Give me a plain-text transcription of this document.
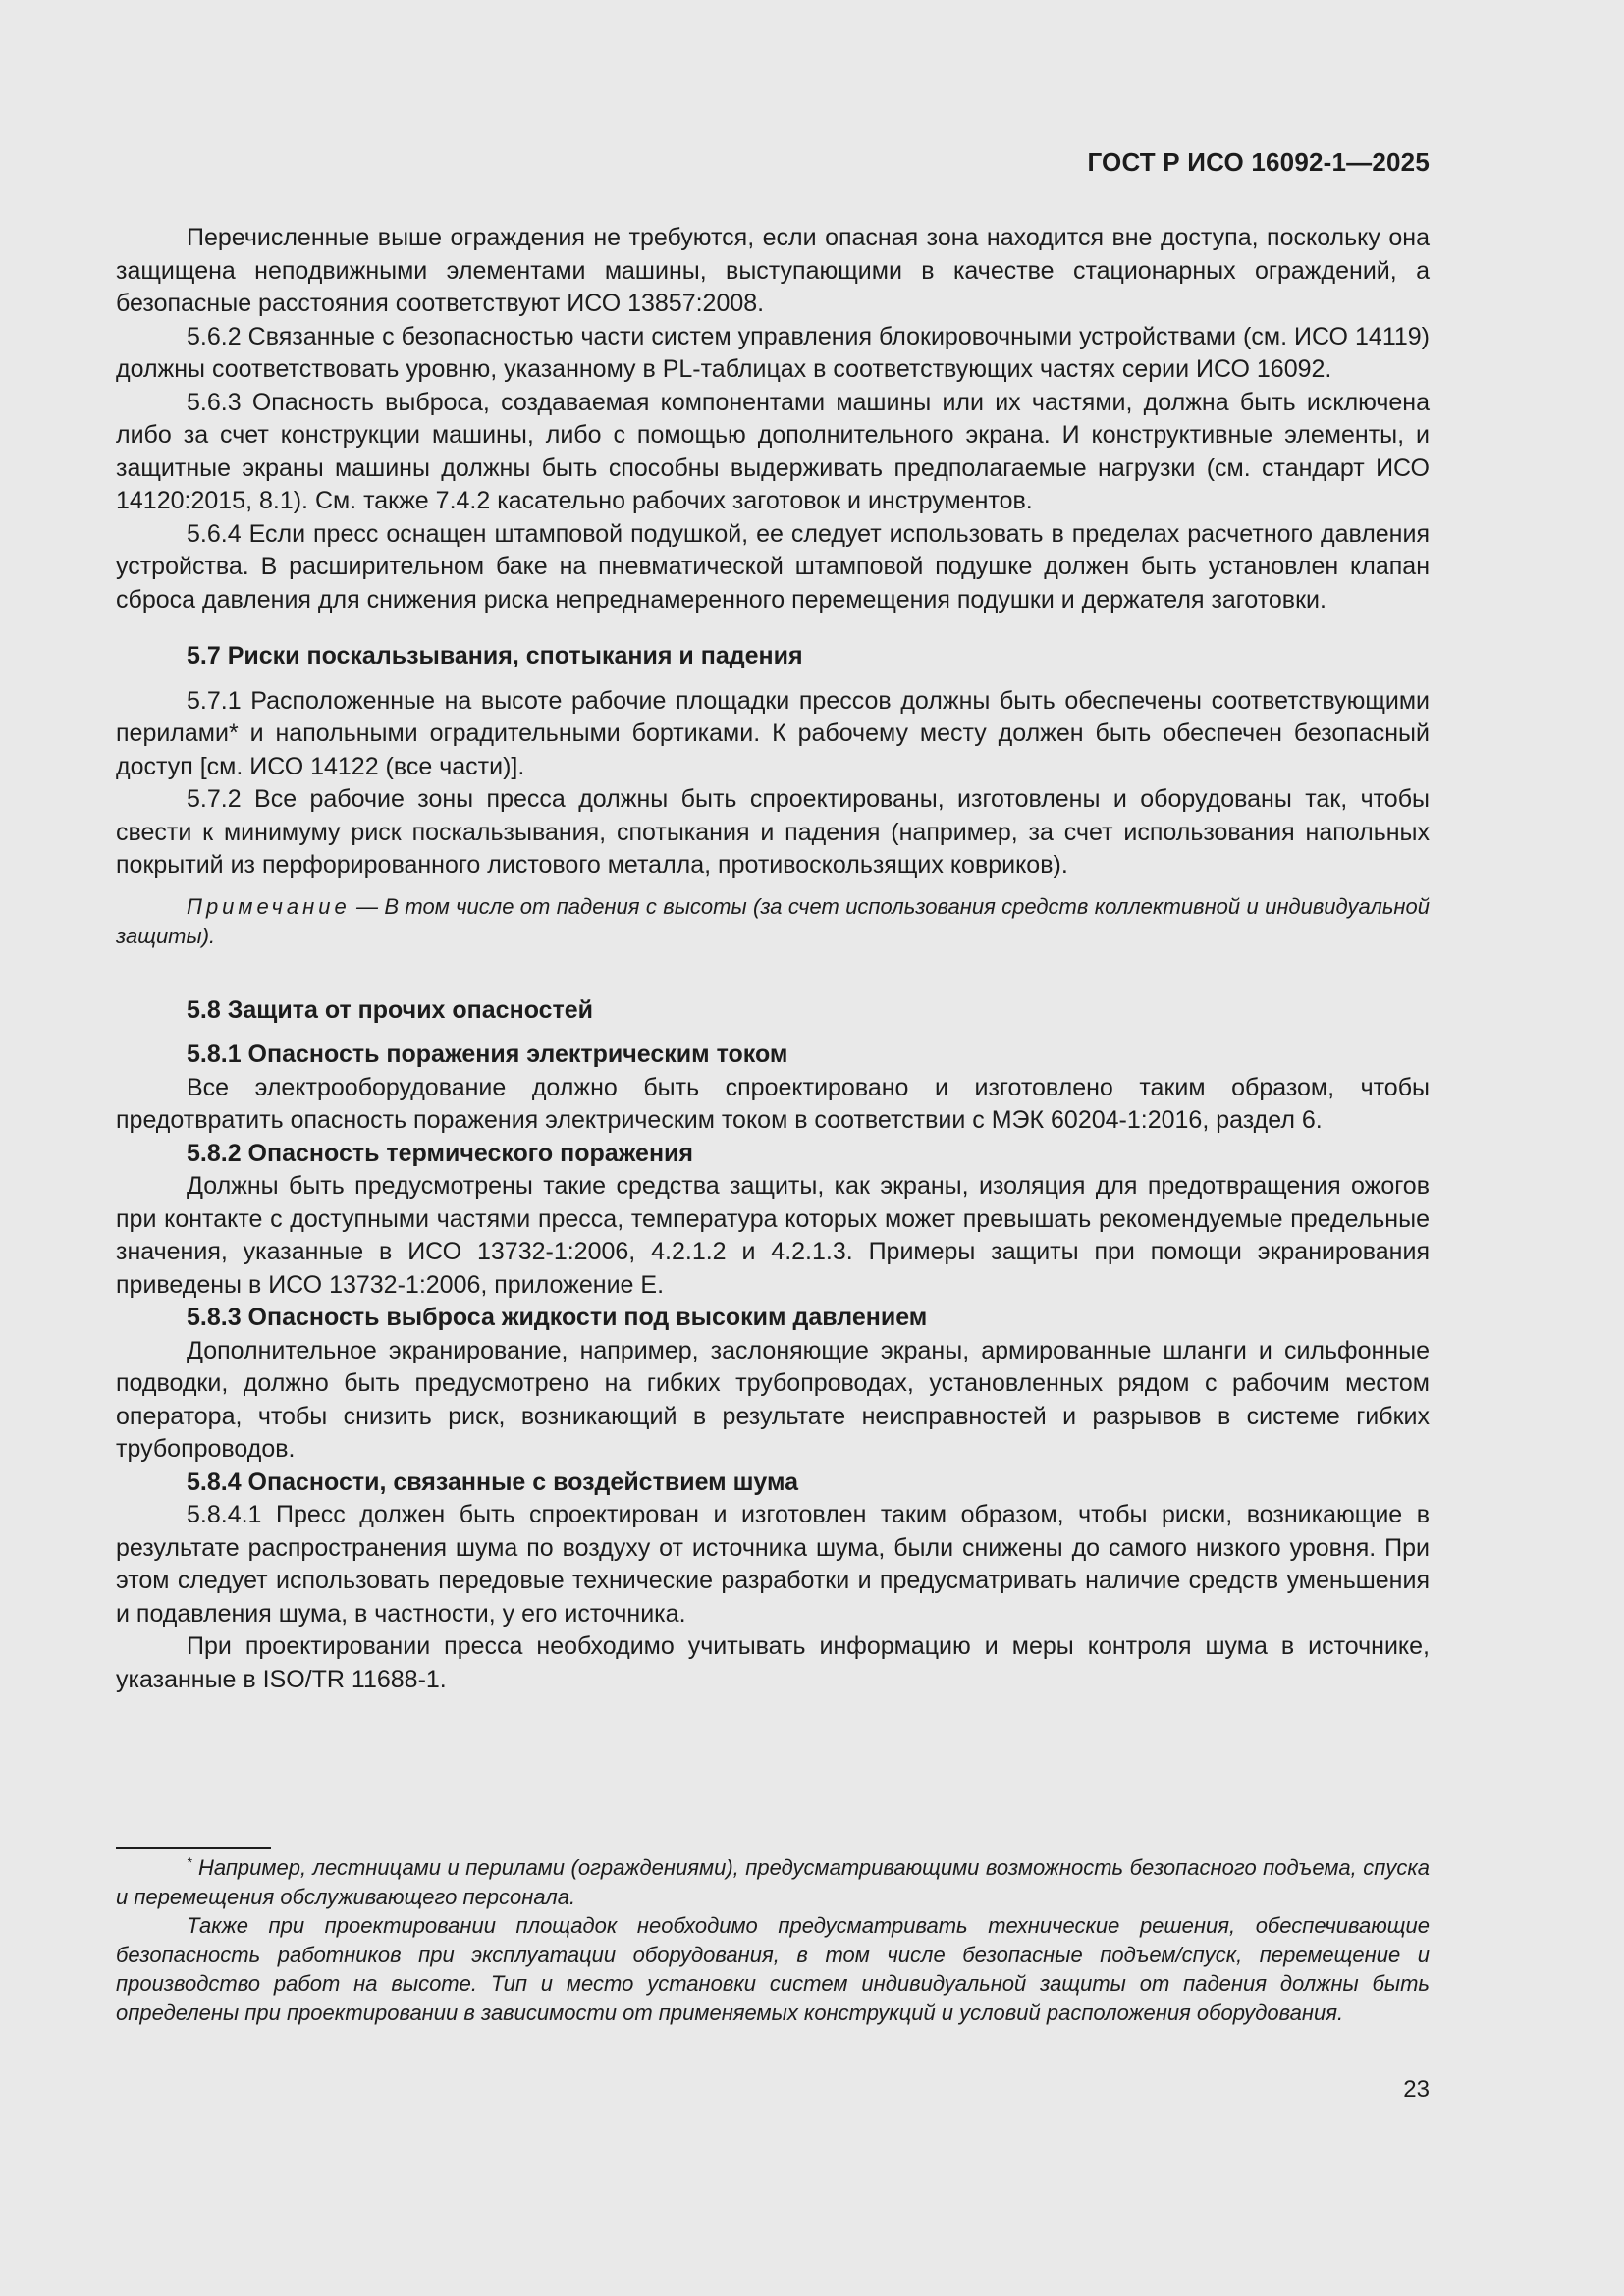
ГОСТ Р ИСО 16092-1—2025

Перечисленные выше ограждения не требуются, если опасная зона находится вне доступа, поскольку она защищена неподвижными элементами машины, выступающими в качестве стационарных ограждений, а безопасные расстояния соответствуют ИСО 13857:2008.

5.6.2 Связанные с безопасностью части систем управления блокировочными устройствами (см. ИСО 14119) должны соответствовать уровню, указанному в PL-таблицах в соответствующих частях серии ИСО 16092.

5.6.3 Опасность выброса, создаваемая компонентами машины или их частями, должна быть исключена либо за счет конструкции машины, либо с помощью дополнительного экрана. И конструктивные элементы, и защитные экраны машины должны быть способны выдерживать предполагаемые нагрузки (см. стандарт ИСО 14120:2015, 8.1). См. также 7.4.2 касательно рабочих заготовок и инструментов.

5.6.4 Если пресс оснащен штамповой подушкой, ее следует использовать в пределах расчетного давления устройства. В расширительном баке на пневматической штамповой подушке должен быть установлен клапан сброса давления для снижения риска непреднамеренного перемещения подушки и держателя заготовки.

5.7 Риски поскальзывания, спотыкания и падения

5.7.1 Расположенные на высоте рабочие площадки прессов должны быть обеспечены соответствующими перилами* и напольными оградительными бортиками. К рабочему месту должен быть обеспечен безопасный доступ [см. ИСО 14122 (все части)].

5.7.2 Все рабочие зоны пресса должны быть спроектированы, изготовлены и оборудованы так, чтобы свести к минимуму риск поскальзывания, спотыкания и падения (например, за счет использования напольных покрытий из перфорированного листового металла, противоскользящих ковриков).

Примечание — В том числе от падения с высоты (за счет использования средств коллективной и индивидуальной защиты).

5.8 Защита от прочих опасностей

5.8.1 Опасность поражения электрическим током

Все электрооборудование должно быть спроектировано и изготовлено таким образом, чтобы предотвратить опасность поражения электрическим током в соответствии с МЭК 60204-1:2016, раздел 6.

5.8.2 Опасность термического поражения

Должны быть предусмотрены такие средства защиты, как экраны, изоляция для предотвращения ожогов при контакте с доступными частями пресса, температура которых может превышать рекомендуемые предельные значения, указанные в ИСО 13732-1:2006, 4.2.1.2 и 4.2.1.3. Примеры защиты при помощи экранирования приведены в ИСО 13732-1:2006, приложение Е.

5.8.3 Опасность выброса жидкости под высоким давлением

Дополнительное экранирование, например, заслоняющие экраны, армированные шланги и сильфонные подводки, должно быть предусмотрено на гибких трубопроводах, установленных рядом с рабочим местом оператора, чтобы снизить риск, возникающий в результате неисправностей и разрывов в системе гибких трубопроводов.

5.8.4 Опасности, связанные с воздействием шума

5.8.4.1 Пресс должен быть спроектирован и изготовлен таким образом, чтобы риски, возникающие в результате распространения шума по воздуху от источника шума, были снижены до самого низкого уровня. При этом следует использовать передовые технические разработки и предусматривать наличие средств уменьшения и подавления шума, в частности, у его источника.

При проектировании пресса необходимо учитывать информацию и меры контроля шума в источнике, указанные в ISO/TR 11688-1.

* Например, лестницами и перилами (ограждениями), предусматривающими возможность безопасного подъема, спуска и перемещения обслуживающего персонала.

Также при проектировании площадок необходимо предусматривать технические решения, обеспечивающие безопасность работников при эксплуатации оборудования, в том числе безопасные подъем/спуск, перемещение и производство работ на высоте. Тип и место установки систем индивидуальной защиты от падения должны быть определены при проектировании в зависимости от применяемых конструкций и условий расположения оборудования.

23
